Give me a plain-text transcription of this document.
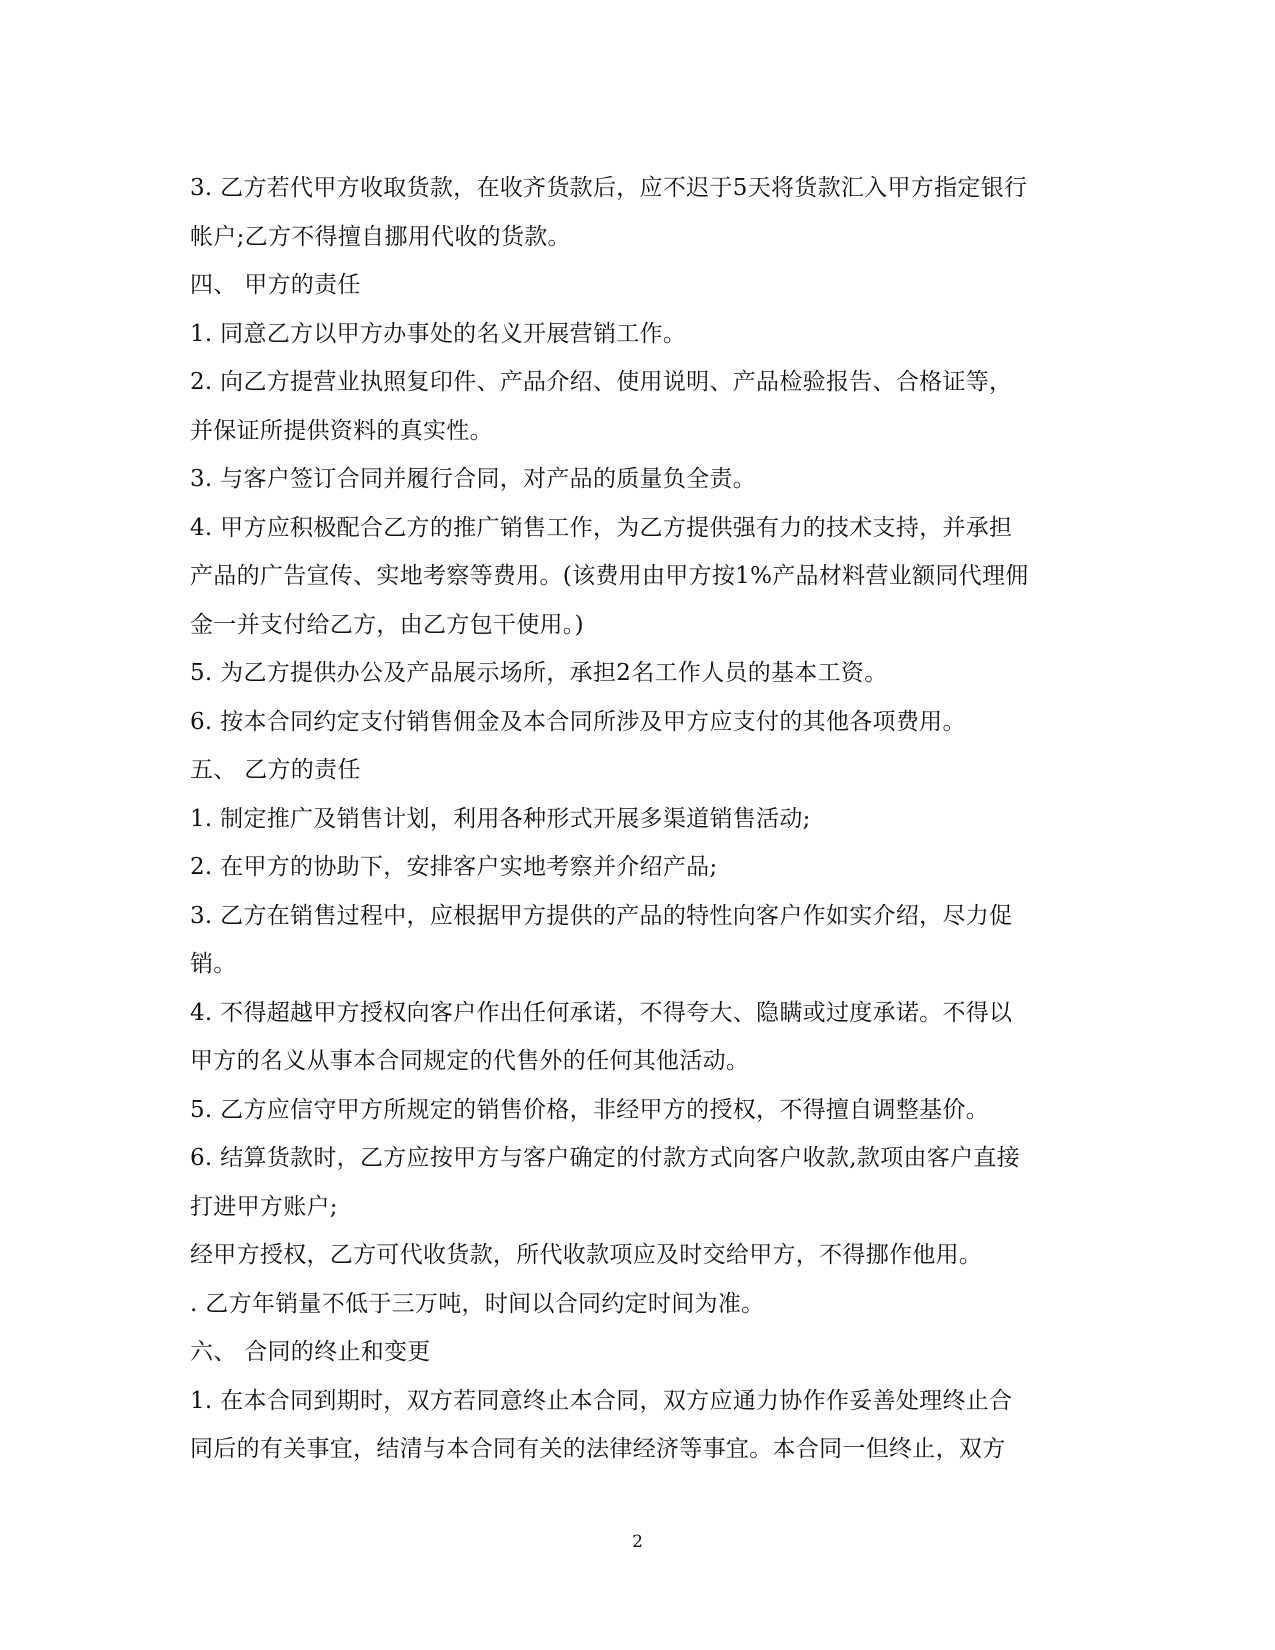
3. 乙方若代甲方收取货款，在收齐货款后，应不迟于5天将货款汇入甲方指定银行
帐户;乙方不得擅自挪用代收的货款。
四、 甲方的责任
1. 同意乙方以甲方办事处的名义开展营销工作。
2. 向乙方提营业执照复印件、产品介绍、使用说明、产品检验报告、合格证等，
并保证所提供资料的真实性。
3. 与客户签订合同并履行合同，对产品的质量负全责。
4. 甲方应积极配合乙方的推广销售工作，为乙方提供强有力的技术支持，并承担
产品的广告宣传、实地考察等费用。(该费用由甲方按1%产品材料营业额同代理佣
金一并支付给乙方，由乙方包干使用。)
5. 为乙方提供办公及产品展示场所，承担2名工作人员的基本工资。
6. 按本合同约定支付销售佣金及本合同所涉及甲方应支付的其他各项费用。
五、 乙方的责任
1. 制定推广及销售计划，利用各种形式开展多渠道销售活动;
2. 在甲方的协助下，安排客户实地考察并介绍产品;
3. 乙方在销售过程中，应根据甲方提供的产品的特性向客户作如实介绍，尽力促
销。
4. 不得超越甲方授权向客户作出任何承诺，不得夸大、隐瞒或过度承诺。不得以
甲方的名义从事本合同规定的代售外的任何其他活动。
5. 乙方应信守甲方所规定的销售价格，非经甲方的授权，不得擅自调整基价。
6. 结算货款时，乙方应按甲方与客户确定的付款方式向客户收款,款项由客户直接
打进甲方账户;
经甲方授权，乙方可代收货款，所代收款项应及时交给甲方，不得挪作他用。
. 乙方年销量不低于三万吨，时间以合同约定时间为准。
六、 合同的终止和变更
1. 在本合同到期时，双方若同意终止本合同，双方应通力协作作妥善处理终止合
同后的有关事宜，结清与本合同有关的法律经济等事宜。本合同一但终止，双方
2
